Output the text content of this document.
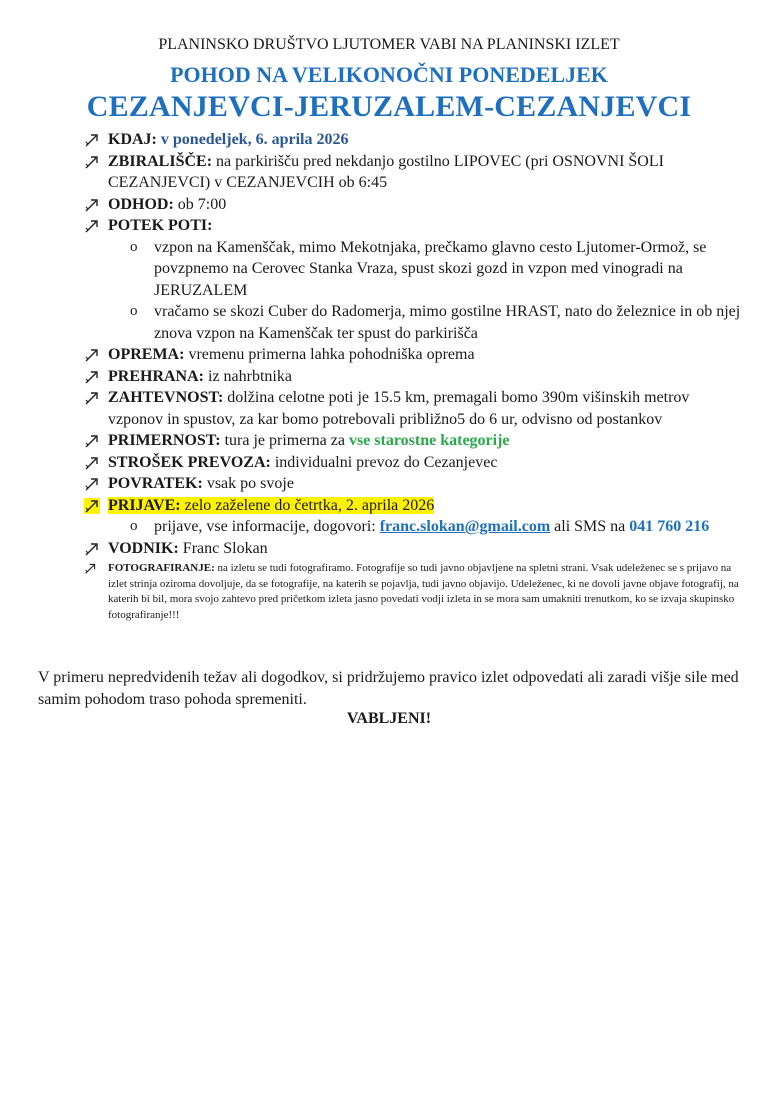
PLANINSKO DRUŠTVO LJUTOMER VABI NA PLANINSKI IZLET
POHOD NA VELIKONOČNI PONEDELJEK
CEZANJEVCI-JERUZALEM-CEZANJEVCI
KDAJ: v ponedeljek, 6. aprila 2026
ZBIRALIŠČE: na parkirišču pred nekdanjo gostilno LIPOVEC (pri OSNOVNI ŠOLI CEZANJEVCI) v CEZANJEVCIH ob 6:45
ODHOD: ob 7:00
POTEK POTI:
o vzpon na Kamenščak, mimo Mekotnjaka, prečkamo glavno cesto Ljutomer-Ormož, se povzpnemo na Cerovec Stanka Vraza, spust skozi gozd in vzpon med vinogradi na JERUZALEM
o vračamo se skozi Cuber do Radomerja, mimo gostilne HRAST, nato do železnice in ob njej znova vzpon na Kamenščak ter spust do parkirišča
OPREMA: vremenu primerna lahka pohodniška oprema
PREHRANA: iz nahrbtnika
ZAHTEVNOST: dolžina celotne poti je 15.5 km, premagali bomo 390m višinskih metrov vzponov in spustov, za kar bomo potrebovali približno5 do 6 ur, odvisno od postankov
PRIMERNOST: tura je primerna za vse starostne kategorije
STROŠEK PREVOZA: individualni prevoz do Cezanjevec
POVRATEK: vsak po svoje
PRIJAVE: zelo zaželene do četrtka, 2. aprila 2026
o prijave, vse informacije, dogovori: franc.slokan@gmail.com ali SMS na 041 760 216
VODNIK: Franc Slokan
FOTOGRAFIRANJE: na izletu se tudi fotografiramo. Fotografije so tudi javno objavljene na spletni strani. Vsak udeleženec se s prijavo na izlet strinja oziroma dovoljuje, da se fotografije, na katerih se pojavlja, tudi javno objavijo. Udeleženec, ki ne dovoli javne objave fotografij, na katerih bi bil, mora svojo zahtevo pred pričetkom izleta jasno povedati vodji izleta in se mora sam umakniti trenutkom, ko se izvaja skupinsko fotografiranje!!!
V primeru nepredvidenih težav ali dogodkov, si pridržujemo pravico izlet odpovedati ali zaradi višje sile med samim pohodom traso pohoda spremeniti.
VABLJENI!
